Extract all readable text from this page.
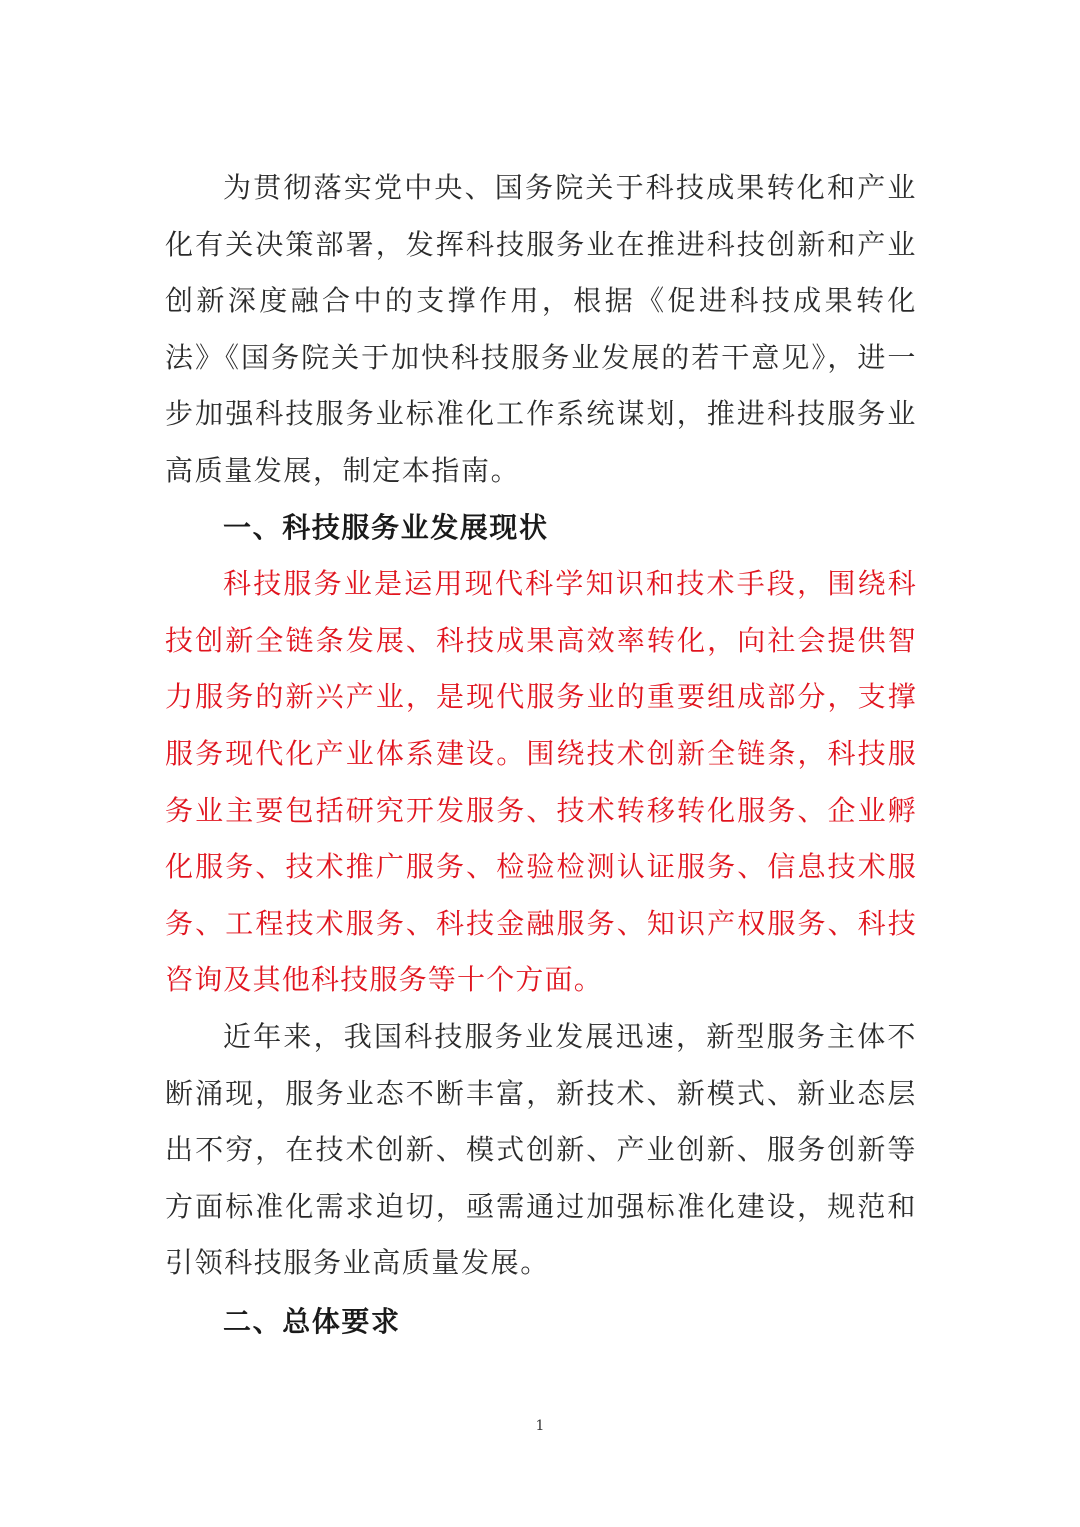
为贯彻落实党中央、国务院关于科技成果转化和产业化有关决策部署，发挥科技服务业在推进科技创新和产业创新深度融合中的支撑作用，根据《促进科技成果转化法》《国务院关于加快科技服务业发展的若干意见》，进一步加强科技服务业标准化工作系统谋划，推进科技服务业高质量发展，制定本指南。

一、科技服务业发展现状

科技服务业是运用现代科学知识和技术手段，围绕科技创新全链条发展、科技成果高效率转化，向社会提供智力服务的新兴产业，是现代服务业的重要组成部分，支撑服务现代化产业体系建设。围绕技术创新全链条，科技服务业主要包括研究开发服务、技术转移转化服务、企业孵化服务、技术推广服务、检验检测认证服务、信息技术服务、工程技术服务、科技金融服务、知识产权服务、科技咨询及其他科技服务等十个方面。

近年来，我国科技服务业发展迅速，新型服务主体不断涌现，服务业态不断丰富，新技术、新模式、新业态层出不穷，在技术创新、模式创新、产业创新、服务创新等方面标准化需求迫切，亟需通过加强标准化建设，规范和引领科技服务业高质量发展。

二、总体要求
1
